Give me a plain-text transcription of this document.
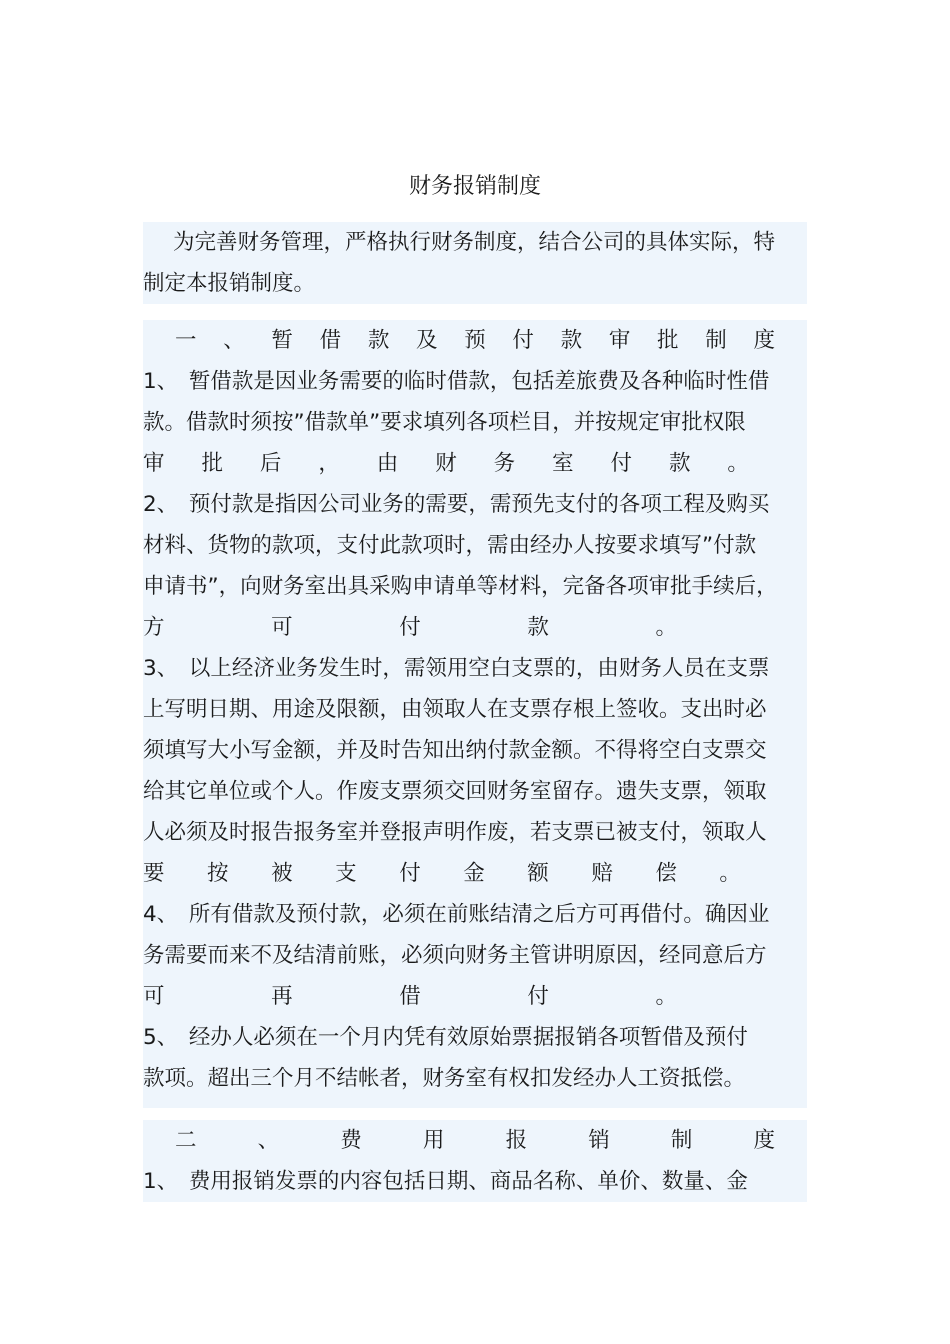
财务报销制度
为完善财务管理，严格执行财务制度，结合公司的具体实际，特
制定本报销制度。
一 、 暂 借 款 及 预 付 款 审 批 制 度
1、　暂借款是因业务需要的临时借款，包括差旅费及各种临时性借
款。借款时须按”借款单”要求填列各项栏目，并按规定审批权限
审 批 后 ， 由 财 务 室 付 款 。
2、　预付款是指因公司业务的需要，需预先支付的各项工程及购买
材料、货物的款项，支付此款项时，需由经办人按要求填写”付款
申请书”，向财务室出具采购申请单等材料，完备各项审批手续后，
方	可	付	款	。
3、　以上经济业务发生时，需领用空白支票的，由财务人员在支票
上写明日期、用途及限额，由领取人在支票存根上签收。支出时必
须填写大小写金额，并及时告知出纳付款金额。不得将空白支票交
给其它单位或个人。作废支票须交回财务室留存。遗失支票，领取
人必须及时报告报务室并登报声明作废，若支票已被支付，领取人
要 按 被 支 付 金 额 赔 偿 。
4、　所有借款及预付款，必须在前账结清之后方可再借付。确因业
务需要而来不及结清前账，必须向财务主管讲明原因，经同意后方
可	再	借	付	。
5、　经办人必须在一个月内凭有效原始票据报销各项暂借及预付
款项。超出三个月不结帐者，财务室有权扣发经办人工资抵偿。
二	、	费	用	报	销	制	度
1、　费用报销发票的内容包括日期、商品名称、单价、数量、金
